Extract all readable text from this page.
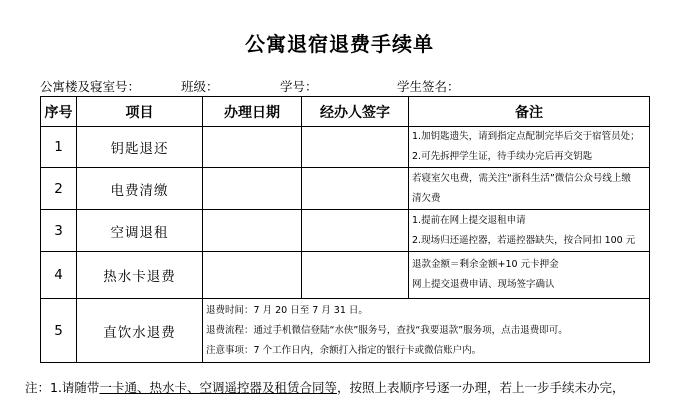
公寓退宿退费手续单
公寓楼及寝室号：	班级：	学号：	学生签名：
序号	项目	办理日期	经办人签字	备注
1	钥匙退还			1.加钥匙遗失，请到指定点配制完毕后交于宿管员处；
2.可先拆押学生证，待手续办完后再交钥匙

2	电费清缴			若寝室欠电费，需关注“浙科生活”微信公众号线上缴
清欠费

3	空调退租			1.提前在网上提交退租申请
2.现场归还遥控器，若遥控器缺失，按合同扣 100 元

4	热水卡退费			退款金额＝剩余金额+10 元卡押金
网上提交退费申请、现场签字确认

5	直饮水退费	退费时间：7 月 20 日至 7 月 31 日。
退费流程：通过手机微信登陆“水侠”服务号，查找“我要退款”服务项，点击退费即可。
注意事项：7 个工作日内，余额打入指定的银行卡或微信账户内。		
注：1.请随带一卡通、热水卡、空调遥控器及租赁合同等，按照上表顺序号逐一办理，若上一步手续未办完，
